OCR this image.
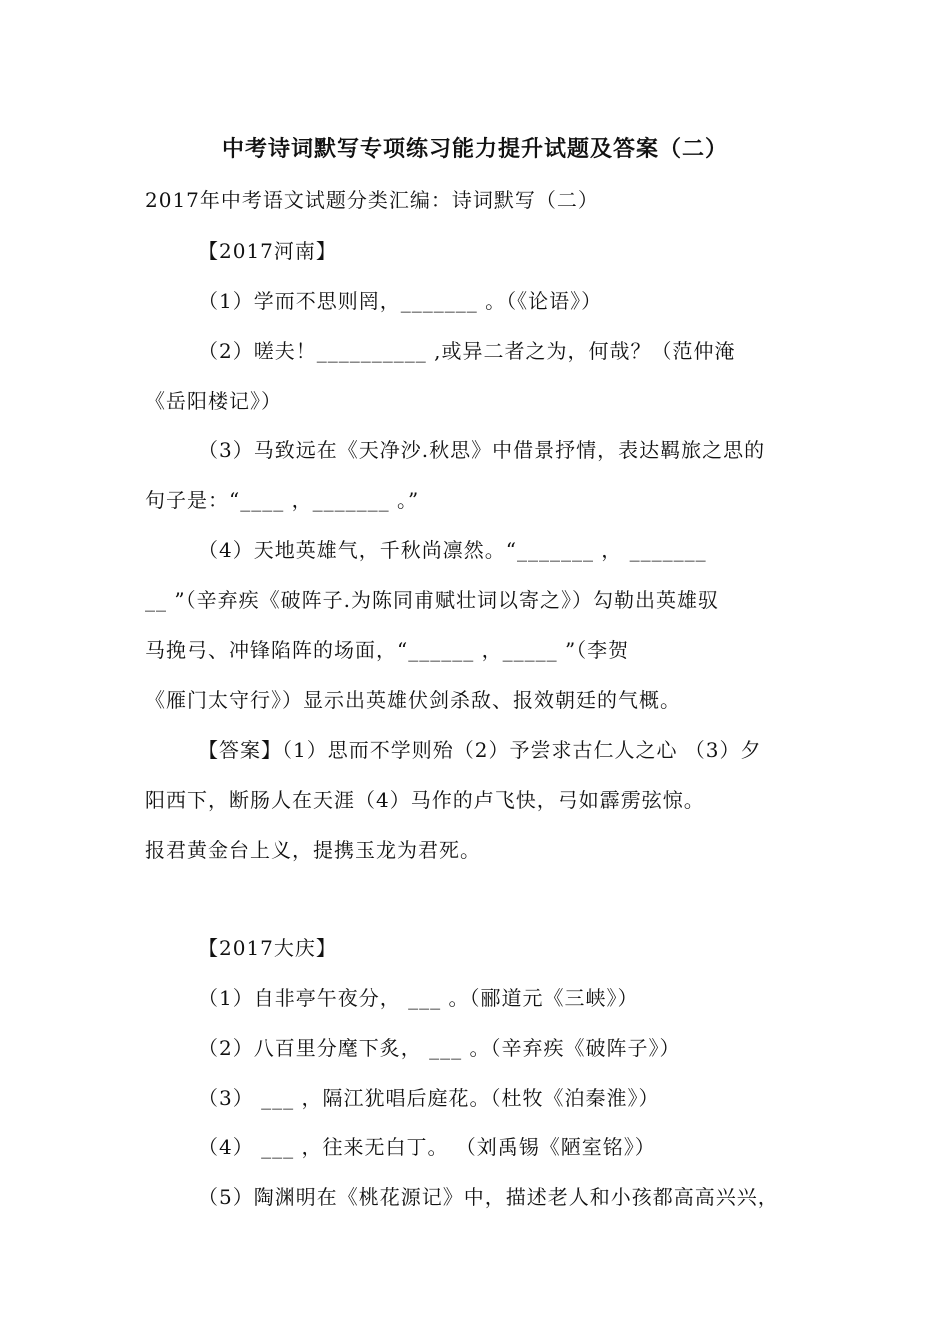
中考诗词默写专项练习能力提升试题及答案（二）
2017年中考语文试题分类汇编：诗词默写（二）
【2017河南】
（1）学而不思则罔，_______ 。（《论语》）
（2）嗟夫！__________ ,或异二者之为，何哉？（范仲淹
《岳阳楼记》）
（3）马致远在《天净沙.秋思》中借景抒情，表达羁旅之思的
句子是：“____ ，_______ 。”
（4）天地英雄气，千秋尚凛然。“_______ ， _______
__ ”（辛弃疾《破阵子.为陈同甫赋壮词以寄之》）勾勒出英雄驭
马挽弓、冲锋陷阵的场面，“______ ，_____ ”（李贺
《雁门太守行》）显示出英雄伏剑杀敌、报效朝廷的气概。
【答案】（1）思而不学则殆（2）予尝求古仁人之心 （3）夕
阳西下，断肠人在天涯（4）马作的卢飞快，弓如霹雳弦惊。
报君黄金台上义，提携玉龙为君死。
【2017大庆】
（1）自非亭午夜分， ___ 。（郦道元《三峡》）
（2）八百里分麾下炙， ___ 。（辛弃疾《破阵子》）
（3） ___ ，隔江犹唱后庭花。（杜牧《泊秦淮》）
（4） ___ ，往来无白丁。 （刘禹锡《陋室铭》）
（5）陶渊明在《桃花源记》中，描述老人和小孩都高高兴兴，
